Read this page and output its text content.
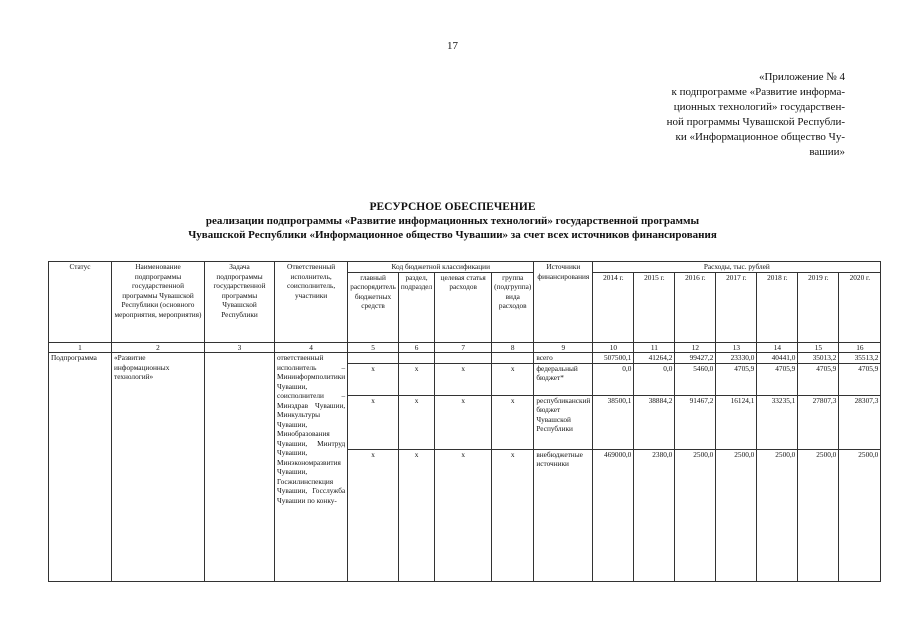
17
«Приложение № 4
к подпрограмме «Развитие информа-
ционных технологий» государствен-
ной программы Чувашской Республи-
ки «Информационное общество Чу-
вашии»
РЕСУРСНОЕ ОБЕСПЕЧЕНИЕ
реализации подпрограммы «Развитие информационных технологий» государственной программы
Чувашской Республики «Информационное общество Чувашии» за счет всех источников финансирования
Статус	Наименование подпрограммы государственной программы Чувашской Республики (основного мероприятия, мероприятия)	Задача подпрограммы государственной программы Чувашской Республики	Ответственный исполнитель, соисполнитель, участники	Код бюджетной классификации				Источники финансирования	Расходы, тыс. рублей						
				главный распорядитель бюджетных средств	раздел, подраздел	целевая статья расходов	группа (подгруппа) вида расходов		2014 г.	2015 г.	2016 г.	2017 г.	2018 г.	2019 г.	2020 г.
1	2	3	4	5	6	7	8	9	10	11	12	13	14	15	16
Подпрограмма	«Развитие информационных технологий»		ответственный исполнитель – Мининформполитики Чувашии, соисполнители – Минздрав Чувашии, Минкультуры Чувашии, Минобразования Чувашии, Минтруд Чувашии, Минэкономразвития Чувашии, Госжилинспекция Чувашии, Госслужба Чувашии по конку-					всего	507500,1	41264,2	99427,2	23330,0	40441,0	35013,2	35513,2
				x	x	x	x	федеральный бюджет*	0,0	0,0	5460,0	4705,9	4705,9	4705,9	4705,9
				x	x	x	x	республиканский бюджет Чувашской Республики	38500,1	38884,2	91467,2	16124,1	33235,1	27807,3	28307,3
				x	x	x	x	внебюджетные источники	469000,0	2380,0	2500,0	2500,0	2500,0	2500,0	2500,0
